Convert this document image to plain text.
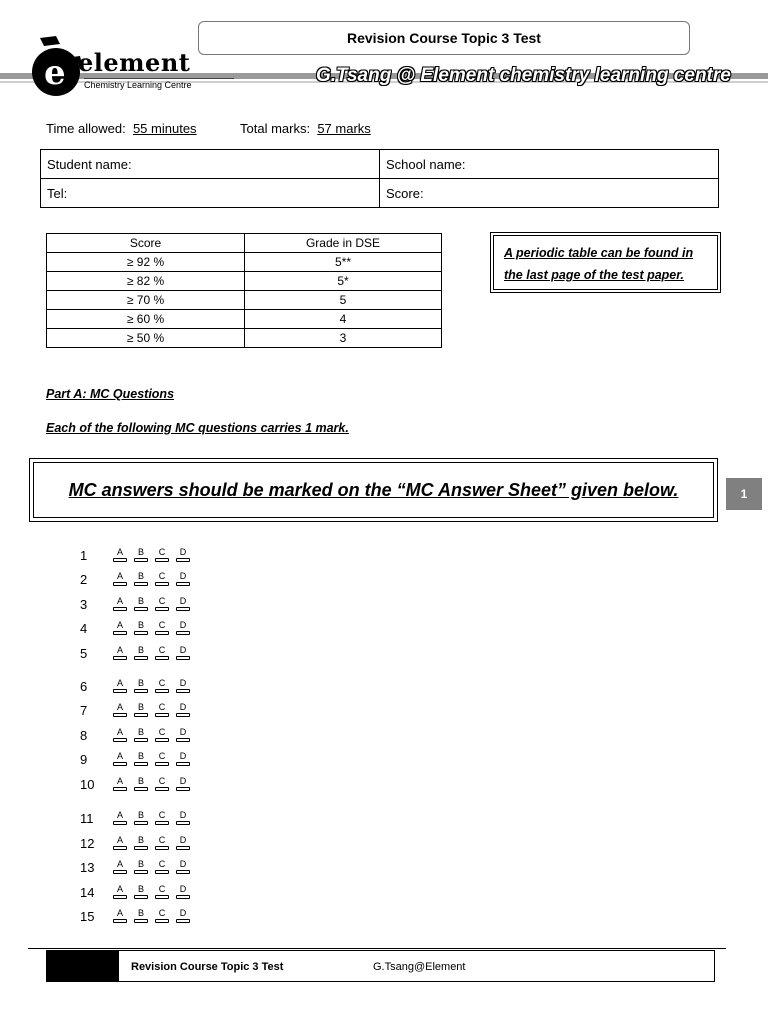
Revision Course Topic 3 Test
e element
Chemistry Learning Centre	G.Tsang @ Element chemistry learning centre
Time allowed: 55 minutes	Total marks: 57 marks
Student name:	School name:
Tel:	Score:
Score	Grade in DSE
≥ 92 %	5**
≥ 82 %	5*
≥ 70 %	5
≥ 60 %	4
≥ 50 %	3
A periodic table can be found in the last page of the test paper.
Part A: MC Questions
Each of the following MC questions carries 1 mark.
MC answers should be marked on the “MC Answer Sheet” given below.	1
1	A	B	C	D
2	A	B	C	D
3	A	B	C	D
4	A	B	C	D
5	A	B	C	D
6	A	B	C	D
7	A	B	C	D
8	A	B	C	D
9	A	B	C	D
10	A	B	C	D
11	A	B	C	D
12	A	B	C	D
13	A	B	C	D
14	A	B	C	D
15	A	B	C	D
Revision Course Topic 3 Test	G.Tsang@Element
